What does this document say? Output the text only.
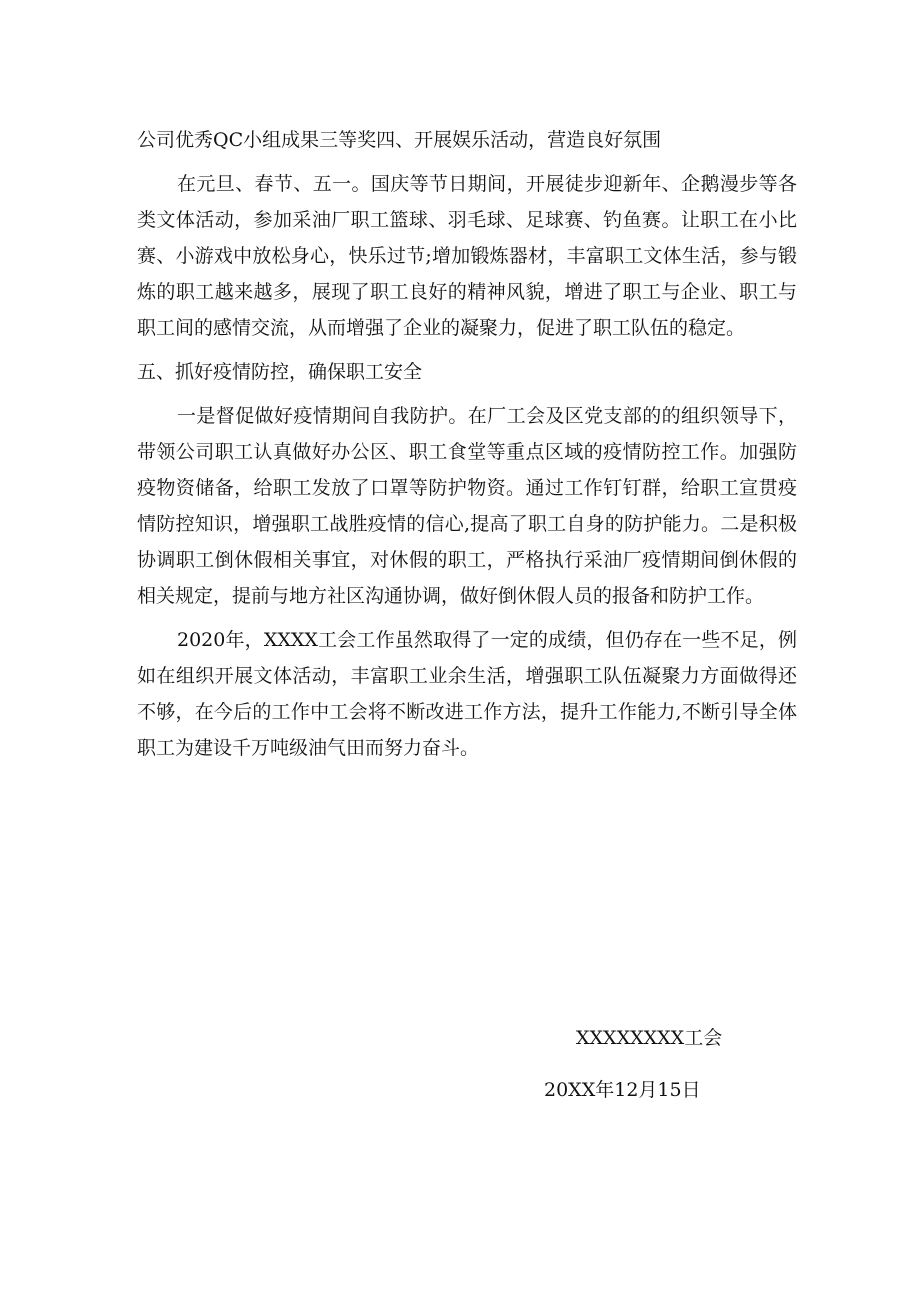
公司优秀QC小组成果三等奖四、开展娱乐活动，营造良好氛围

在元旦、春节、五一。国庆等节日期间，开展徒步迎新年、企鹅漫步等各类文体活动，参加采油厂职工篮球、羽毛球、足球赛、钓鱼赛。让职工在小比赛、小游戏中放松身心，快乐过节;增加锻炼器材，丰富职工文体生活，参与锻炼的职工越来越多，展现了职工良好的精神风貌，增进了职工与企业、职工与职工间的感情交流，从而增强了企业的凝聚力，促进了职工队伍的稳定。

五、抓好疫情防控，确保职工安全

一是督促做好疫情期间自我防护。在厂工会及区党支部的的组织领导下，带领公司职工认真做好办公区、职工食堂等重点区域的疫情防控工作。加强防疫物资储备，给职工发放了口罩等防护物资。通过工作钉钉群，给职工宣贯疫情防控知识，增强职工战胜疫情的信心,提高了职工自身的防护能力。二是积极协调职工倒休假相关事宜，对休假的职工，严格执行采油厂疫情期间倒休假的相关规定，提前与地方社区沟通协调，做好倒休假人员的报备和防护工作。

2020年，XXXX工会工作虽然取得了一定的成绩，但仍存在一些不足，例如在组织开展文体活动，丰富职工业余生活，增强职工队伍凝聚力方面做得还不够，在今后的工作中工会将不断改进工作方法，提升工作能力,不断引导全体职工为建设千万吨级油气田而努力奋斗。

XXXXXXXX工会
20XX年12月15日
